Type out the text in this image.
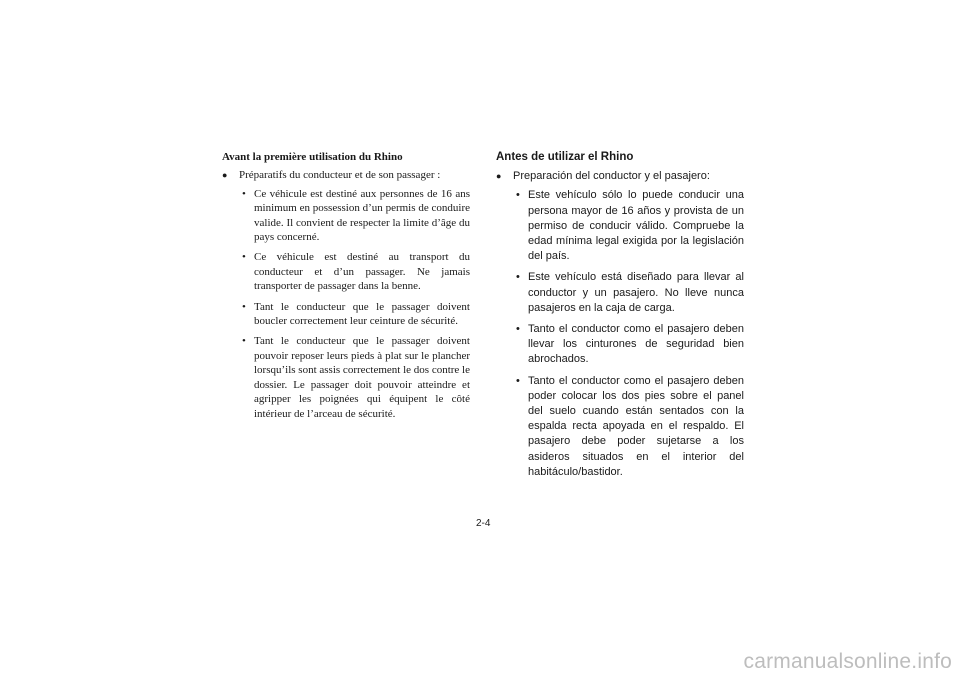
Avant la première utilisation du Rhino
● Préparatifs du conducteur et de son passager :
• Ce véhicule est destiné aux personnes de 16 ans minimum en possession d’un permis de conduire valide. Il convient de respecter la limite d’âge du pays concerné.
• Ce véhicule est destiné au transport du conducteur et d’un passager. Ne jamais transporter de passager dans la benne.
• Tant le conducteur que le passager doivent boucler correctement leur ceinture de sécurité.
• Tant le conducteur que le passager doivent pouvoir reposer leurs pieds à plat sur le plancher lorsqu’ils sont assis correctement le dos contre le dossier. Le passager doit pouvoir atteindre et agripper les poignées qui équipent le côté intérieur de l’arceau de sécurité.
Antes de utilizar el Rhino
● Preparación del conductor y el pasajero:
• Este vehículo sólo lo puede conducir una persona mayor de 16 años y provista de un permiso de conducir válido. Compruebe la edad mínima legal exigida por la legislación del país.
• Este vehículo está diseñado para llevar al conductor y un pasajero. No lleve nunca pasajeros en la caja de carga.
• Tanto el conductor como el pasajero deben llevar los cinturones de seguridad bien abrochados.
• Tanto el conductor como el pasajero deben poder colocar los dos pies sobre el panel del suelo cuando están sentados con la espalda recta apoyada en el respaldo. El pasajero debe poder sujetarse a los asideros situados en el interior del habitáculo/bastidor.
2-4
carmanualsonline.info
